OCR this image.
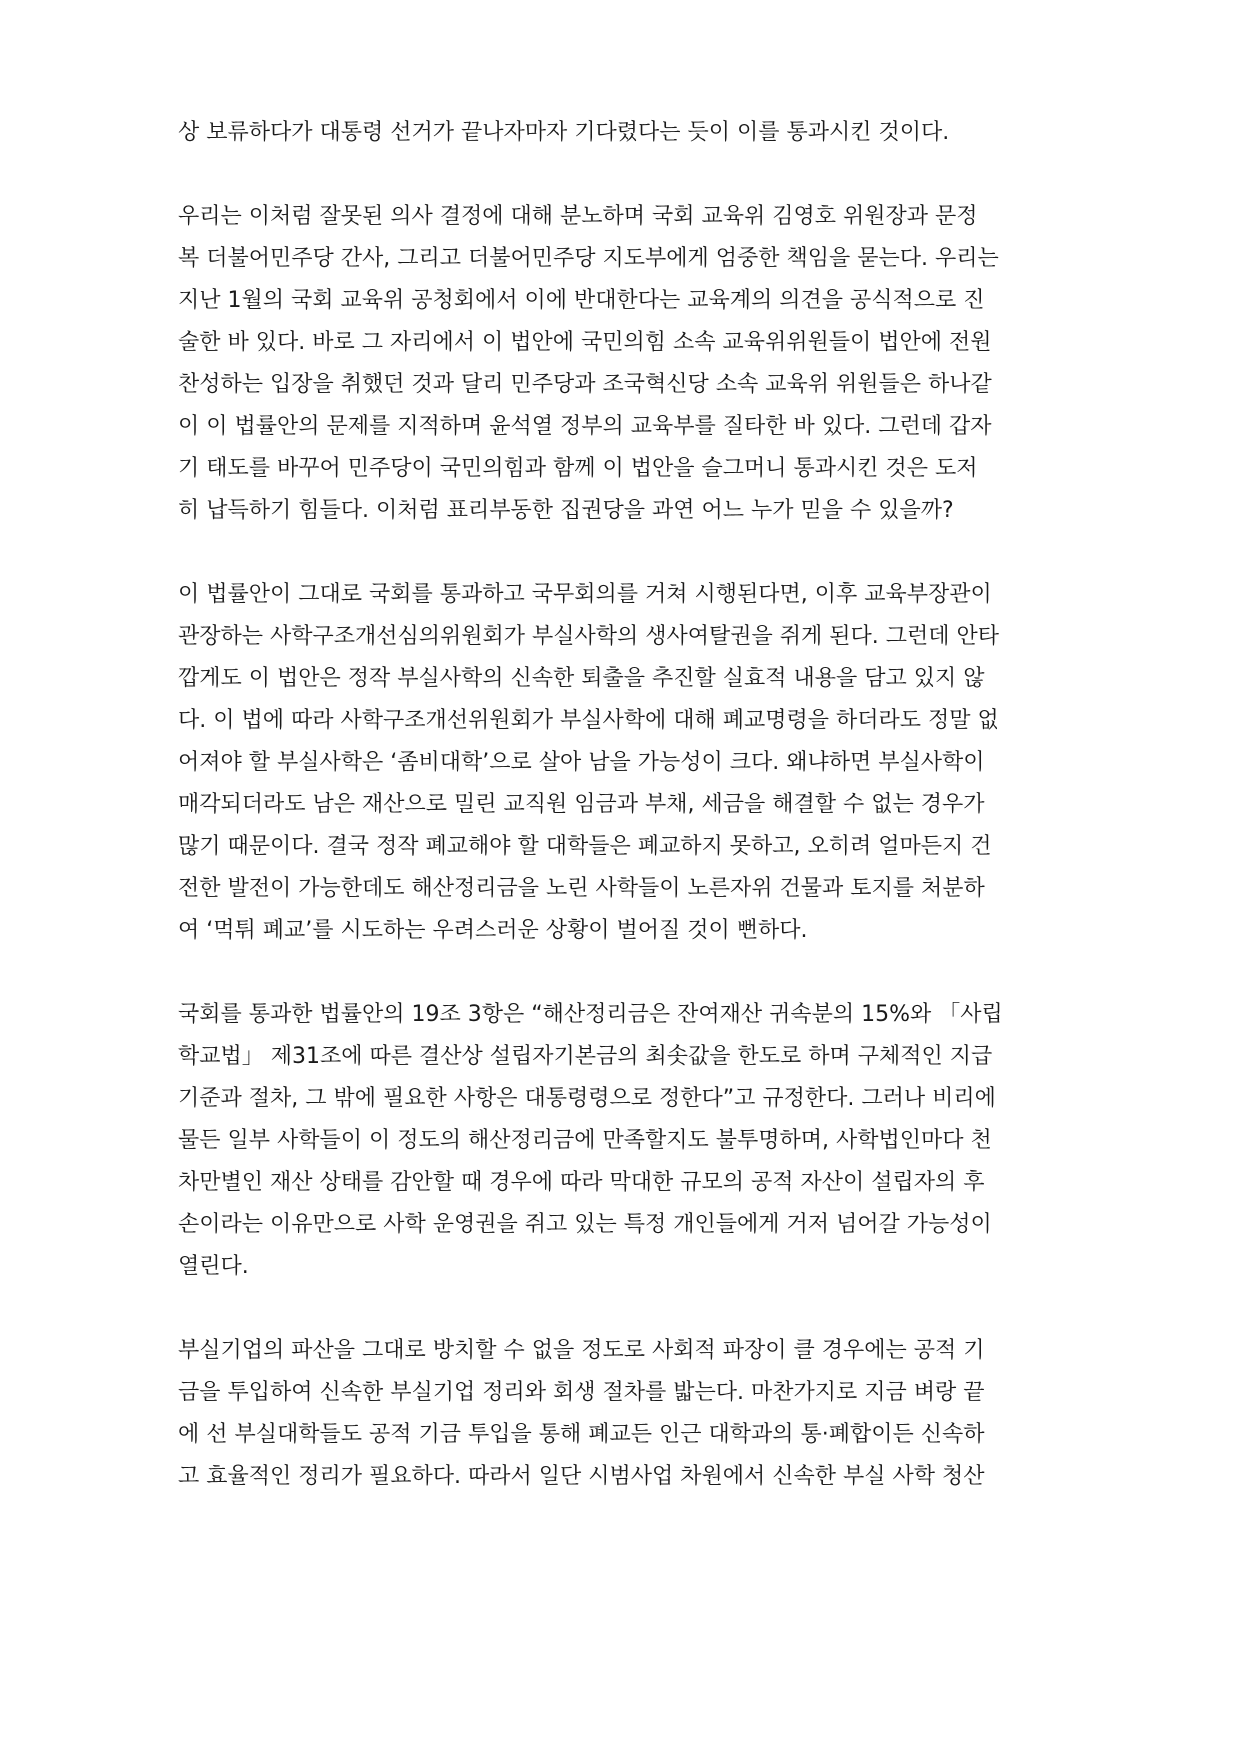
상 보류하다가 대통령 선거가 끝나자마자 기다렸다는 듯이 이를 통과시킨 것이다.

우리는 이처럼 잘못된 의사 결정에 대해 분노하며 국회 교육위 김영호 위원장과 문정
복 더불어민주당 간사, 그리고 더불어민주당 지도부에게 엄중한 책임을 묻는다. 우리는
지난 1월의 국회 교육위 공청회에서 이에 반대한다는 교육계의 의견을 공식적으로 진
술한 바 있다. 바로 그 자리에서 이 법안에 국민의힘 소속 교육위위원들이 법안에 전원
찬성하는 입장을 취했던 것과 달리 민주당과 조국혁신당 소속 교육위 위원들은 하나같
이 이 법률안의 문제를 지적하며 윤석열 정부의 교육부를 질타한 바 있다. 그런데 갑자
기 태도를 바꾸어 민주당이 국민의힘과 함께 이 법안을 슬그머니 통과시킨 것은 도저
히 납득하기 힘들다. 이처럼 표리부동한 집권당을 과연 어느 누가 믿을 수 있을까?

이 법률안이 그대로 국회를 통과하고 국무회의를 거쳐 시행된다면, 이후 교육부장관이
관장하는 사학구조개선심의위원회가 부실사학의 생사여탈권을 쥐게 된다. 그런데 안타
깝게도 이 법안은 정작 부실사학의 신속한 퇴출을 추진할 실효적 내용을 담고 있지 않
다. 이 법에 따라 사학구조개선위원회가 부실사학에 대해 폐교명령을 하더라도 정말 없
어져야 할 부실사학은 ‘좀비대학’으로 살아 남을 가능성이 크다. 왜냐하면 부실사학이
매각되더라도 남은 재산으로 밀린 교직원 임금과 부채, 세금을 해결할 수 없는 경우가
많기 때문이다. 결국 정작 폐교해야 할 대학들은 폐교하지 못하고, 오히려 얼마든지 건
전한 발전이 가능한데도 해산정리금을 노린 사학들이 노른자위 건물과 토지를 처분하
여 ‘먹튀 폐교’를 시도하는 우려스러운 상황이 벌어질 것이 뻔하다.

국회를 통과한 법률안의 19조 3항은 “해산정리금은 잔여재산 귀속분의 15%와 「사립
학교법」 제31조에 따른 결산상 설립자기본금의 최솟값을 한도로 하며 구체적인 지급
기준과 절차, 그 밖에 필요한 사항은 대통령령으로 정한다”고 규정한다. 그러나 비리에
물든 일부 사학들이 이 정도의 해산정리금에 만족할지도 불투명하며, 사학법인마다 천
차만별인 재산 상태를 감안할 때 경우에 따라 막대한 규모의 공적 자산이 설립자의 후
손이라는 이유만으로 사학 운영권을 쥐고 있는 특정 개인들에게 거저 넘어갈 가능성이
열린다.

부실기업의 파산을 그대로 방치할 수 없을 정도로 사회적 파장이 클 경우에는 공적 기
금을 투입하여 신속한 부실기업 정리와 회생 절차를 밟는다. 마찬가지로 지금 벼랑 끝
에 선 부실대학들도 공적 기금 투입을 통해 폐교든 인근 대학과의 통·폐합이든 신속하
고 효율적인 정리가 필요하다. 따라서 일단 시범사업 차원에서 신속한 부실 사학 청산
